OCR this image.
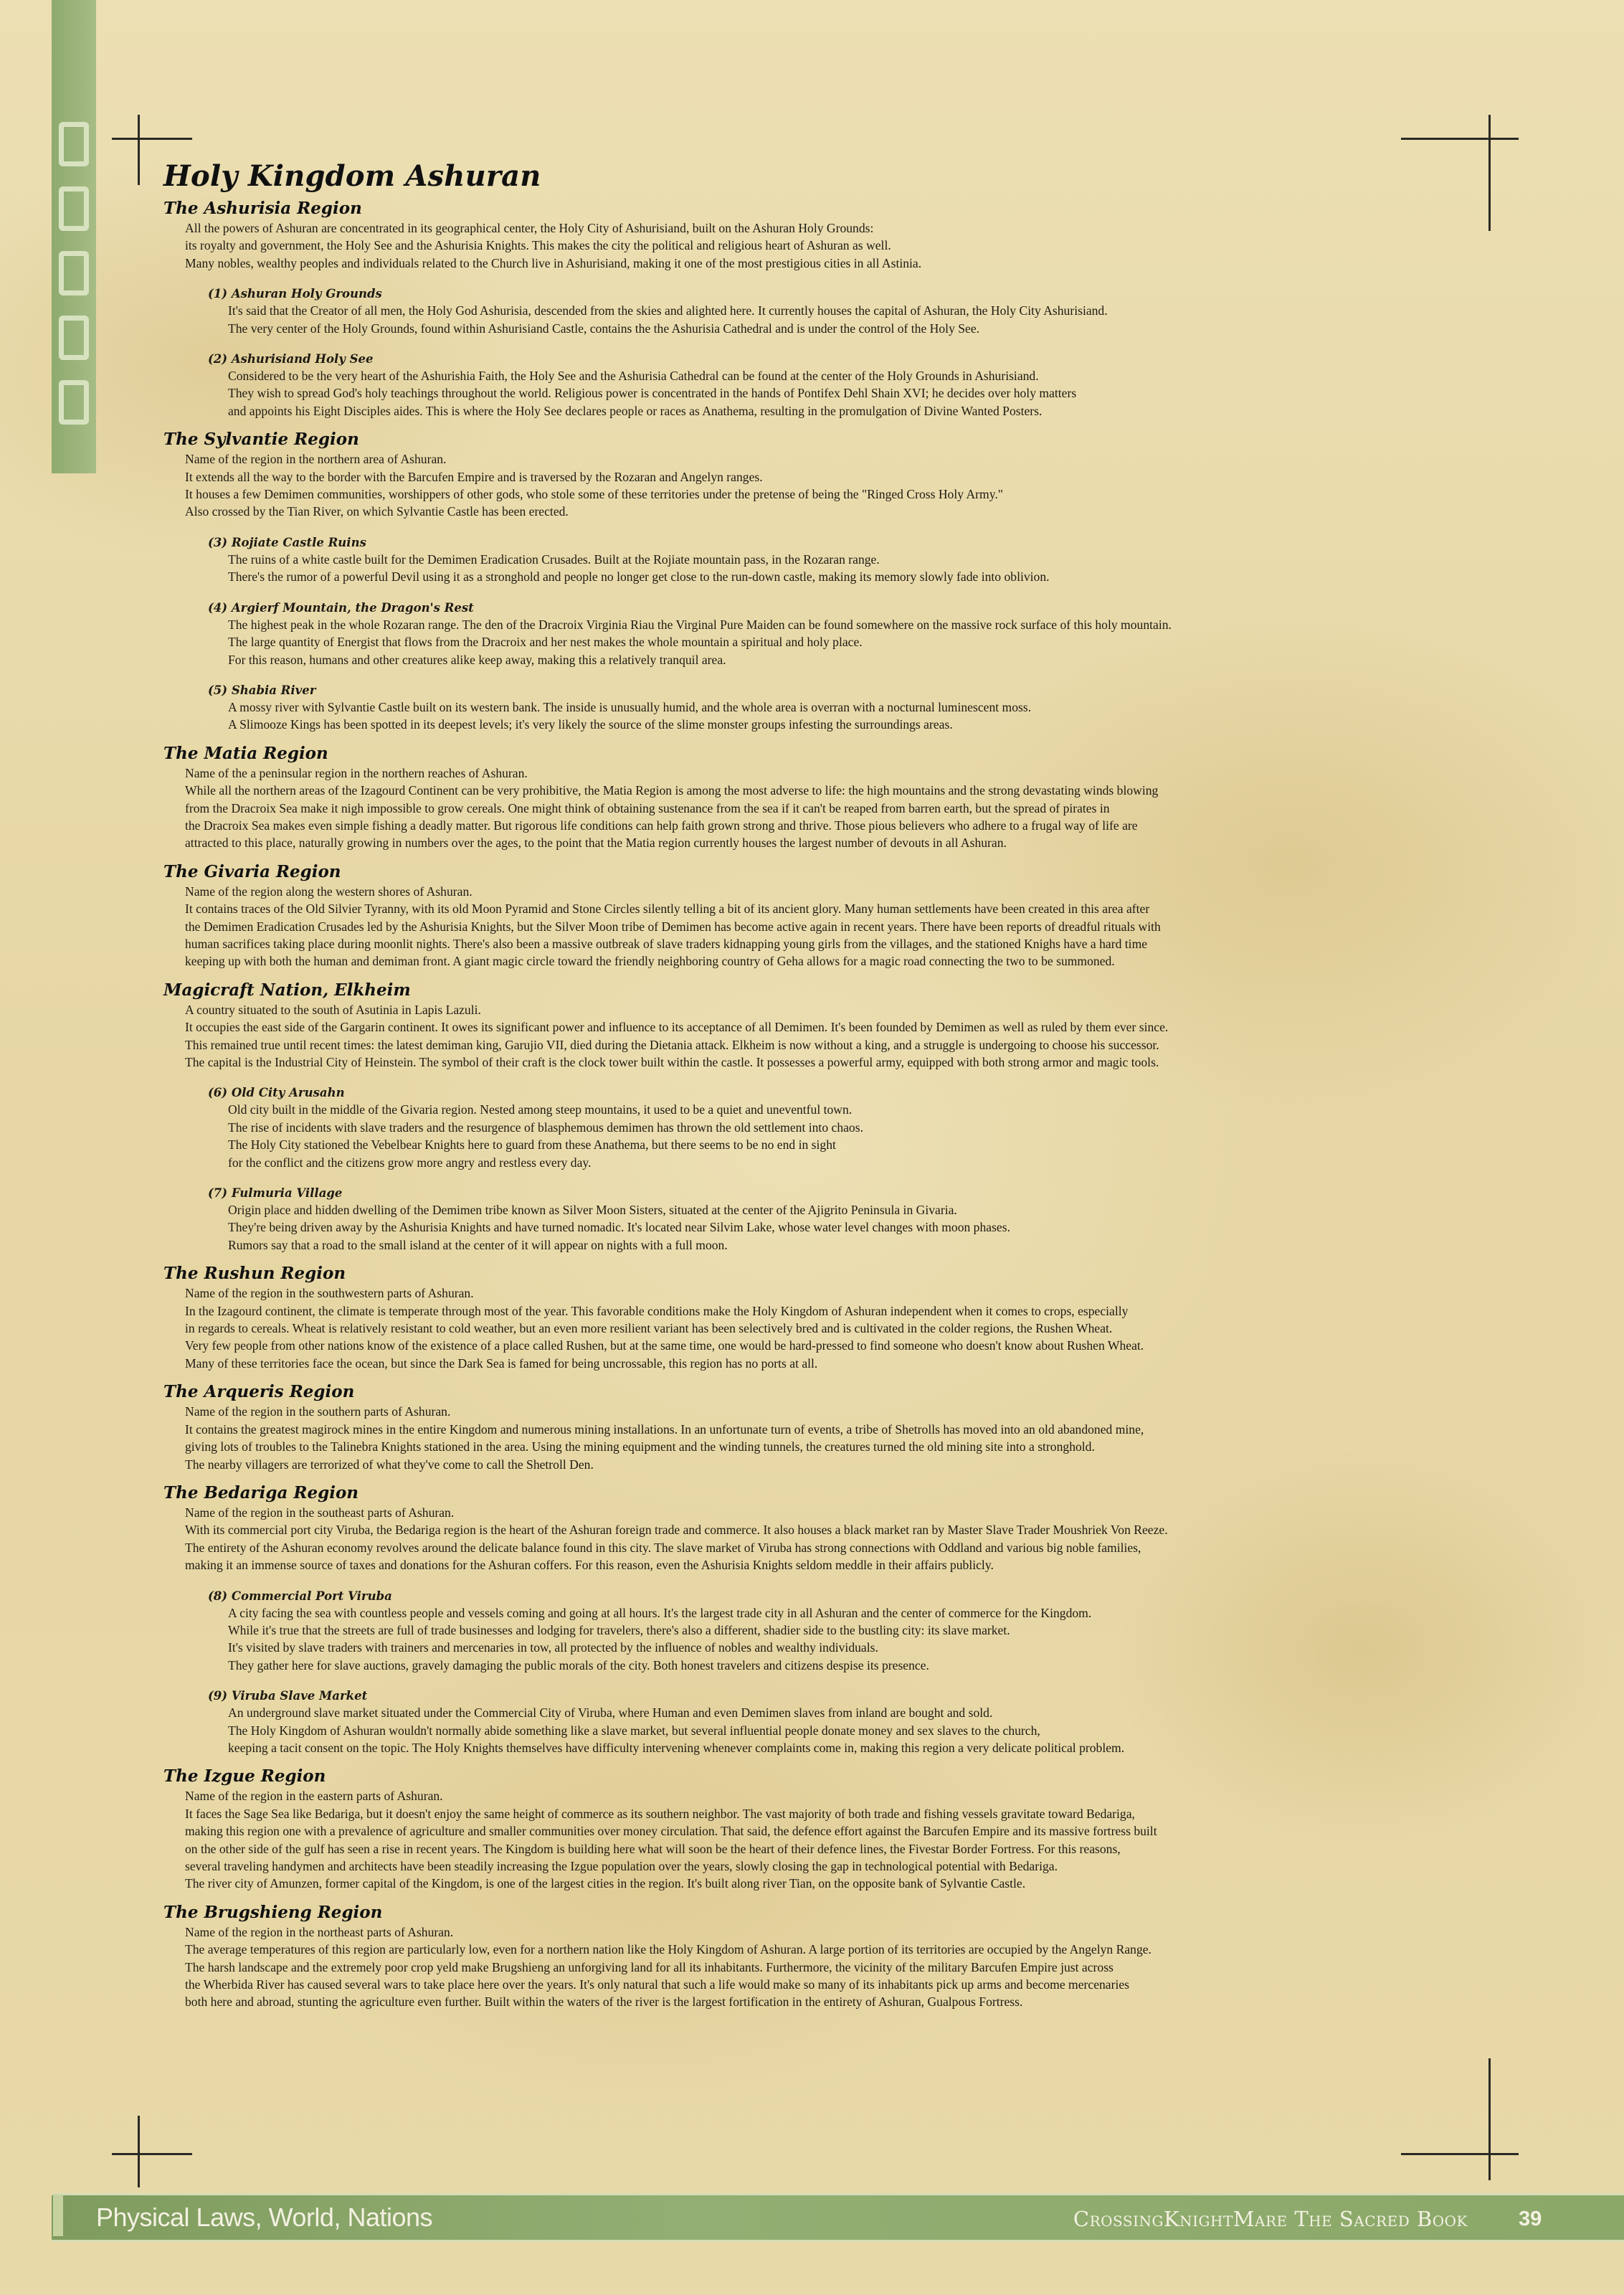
Holy Kingdom Ashuran
The Ashurisia Region
All the powers of Ashuran are concentrated in its geographical center, the Holy City of Ashurisiand, built on the Ashuran Holy Grounds:
its royalty and government, the Holy See and the Ashurisia Knights. This makes the city the political and religious heart of Ashuran as well.
Many nobles, wealthy peoples and individuals related to the Church live in Ashurisiand, making it one of the most prestigious cities in all Astinia.
(1) Ashuran Holy Grounds
It's said that the Creator of all men, the Holy God Ashurisia, descended from the skies and alighted here. It currently houses the capital of Ashuran, the Holy City Ashurisiand.
The very center of the Holy Grounds, found within Ashurisiand Castle, contains the the Ashurisia Cathedral and is under the control of the Holy See.
(2) Ashurisiand Holy See
Considered to be the very heart of the Ashurishia Faith, the Holy See and the Ashurisia Cathedral can be found at the center of the Holy Grounds in Ashurisiand.
They wish to spread God's holy teachings throughout the world. Religious power is concentrated in the hands of Pontifex Dehl Shain XVI; he decides over holy matters
and appoints his Eight Disciples aides. This is where the Holy See declares people or races as Anathema, resulting in the promulgation of Divine Wanted Posters.
The Sylvantie Region
Name of the region in the northern area of Ashuran.
It extends all the way to the border with the Barcufen Empire and is traversed by the Rozaran and Angelyn ranges.
It houses a few Demimen communities, worshippers of other gods, who stole some of these territories under the pretense of being the "Ringed Cross Holy Army."
Also crossed by the Tian River, on which Sylvantie Castle has been erected.
(3) Rojiate Castle Ruins
The ruins of a white castle built for the Demimen Eradication Crusades. Built at the Rojiate mountain pass, in the Rozaran range.
There's the rumor of a powerful Devil using it as a stronghold and people no longer get close to the run-down castle, making its memory slowly fade into oblivion.
(4) Argierf Mountain, the Dragon's Rest
The highest peak in the whole Rozaran range. The den of the Dracroix Virginia Riau the Virginal Pure Maiden can be found somewhere on the massive rock surface of this holy mountain.
The large quantity of Energist that flows from the Dracroix and her nest makes the whole mountain a spiritual and holy place.
For this reason, humans and other creatures alike keep away, making this a relatively tranquil area.
(5) Shabia River
A mossy river with Sylvantie Castle built on its western bank. The inside is unusually humid, and the whole area is overran with a nocturnal luminescent moss.
A Slimooze Kings has been spotted in its deepest levels; it's very likely the source of the slime monster groups infesting the surroundings areas.
The Matia Region
Name of the a peninsular region in the northern reaches of Ashuran.
While all the northern areas of the Izagourd Continent can be very prohibitive, the Matia Region is among the most adverse to life: the high mountains and the strong devastating winds blowing
from the Dracroix Sea make it nigh impossible to grow cereals. One might think of obtaining sustenance from the sea if it can't be reaped from barren earth, but the spread of pirates in
the Dracroix Sea makes even simple fishing a deadly matter. But rigorous life conditions can help faith grown strong and thrive. Those pious believers who adhere to a frugal way of life are
attracted to this place, naturally growing in numbers over the ages, to the point that the Matia region currently houses the largest number of devouts in all Ashuran.
The Givaria Region
Name of the region along the western shores of Ashuran.
It contains traces of the Old Silvier Tyranny, with its old Moon Pyramid and Stone Circles silently telling a bit of its ancient glory. Many human settlements have been created in this area after
the Demimen Eradication Crusades led by the Ashurisia Knights, but the Silver Moon tribe of Demimen has become active again in recent years. There have been reports of dreadful rituals with
human sacrifices taking place during moonlit nights. There's also been a massive outbreak of slave traders kidnapping young girls from the villages, and the stationed Knighs have a hard time
keeping up with both the human and demiman front. A giant magic circle toward the friendly neighboring country of Geha allows for a magic road connecting the two to be summoned.
Magicraft Nation, Elkheim
A country situated to the south of Asutinia in Lapis Lazuli.
It occupies the east side of the Gargarin continent. It owes its significant power and influence to its acceptance of all Demimen. It's been founded by Demimen as well as ruled by them ever since.
This remained true until recent times: the latest demiman king, Garujio VII, died during the Dietania attack. Elkheim is now without a king, and a struggle is undergoing to choose his successor.
The capital is the Industrial City of Heinstein. The symbol of their craft is the clock tower built within the castle. It possesses a powerful army, equipped with both strong armor and magic tools.
(6) Old City Arusahn
Old city built in the middle of the Givaria region. Nested among steep mountains, it used to be a quiet and uneventful town.
The rise of incidents with slave traders and the resurgence of blasphemous demimen has thrown the old settlement into chaos.
The Holy City stationed the Vebelbear Knights here to guard from these Anathema, but there seems to be no end in sight
for the conflict and the citizens grow more angry and restless every day.
(7) Fulmuria Village
Origin place and hidden dwelling of the Demimen tribe known as Silver Moon Sisters, situated at the center of the Ajigrito Peninsula in Givaria.
They're being driven away by the Ashurisia Knights and have turned nomadic. It's located near Silvim Lake, whose water level changes with moon phases.
Rumors say that a road to the small island at the center of it will appear on nights with a full moon.
The Rushun Region
Name of the region in the southwestern parts of Ashuran.
In the Izagourd continent, the climate is temperate through most of the year. This favorable conditions make the Holy Kingdom of Ashuran independent when it comes to crops, especially
in regards to cereals. Wheat is relatively resistant to cold weather, but an even more resilient variant has been selectively bred and is cultivated in the colder regions, the Rushen Wheat.
Very few people from other nations know of the existence of a place called Rushen, but at the same time, one would be hard-pressed to find someone who doesn't know about Rushen Wheat.
Many of these territories face the ocean, but since the Dark Sea is famed for being uncrossable, this region has no ports at all.
The Arqueris Region
Name of the region in the southern parts of Ashuran.
It contains the greatest magirock mines in the entire Kingdom and numerous mining installations. In an unfortunate turn of events, a tribe of Shetrolls has moved into an old abandoned mine,
giving lots of troubles to the Talinebra Knights stationed in the area. Using the mining equipment and the winding tunnels, the creatures turned the old mining site into a stronghold.
The nearby villagers are terrorized of what they've come to call the Shetroll Den.
The Bedariga Region
Name of the region in the southeast parts of Ashuran.
With its commercial port city Viruba, the Bedariga region is the heart of the Ashuran foreign trade and commerce. It also houses a black market ran by Master Slave Trader Moushriek Von Reeze.
The entirety of the Ashuran economy revolves around the delicate balance found in this city. The slave market of Viruba has strong connections with Oddland and various big noble families,
making it an immense source of taxes and donations for the Ashuran coffers. For this reason, even the Ashurisia Knights seldom meddle in their affairs publicly.
(8) Commercial Port Viruba
A city facing the sea with countless people and vessels coming and going at all hours. It's the largest trade city in all Ashuran and the center of commerce for the Kingdom.
While it's true that the streets are full of trade businesses and lodging for travelers, there's also a different, shadier side to the bustling city: its slave market.
It's visited by slave traders with trainers and mercenaries in tow, all protected by the influence of nobles and wealthy individuals.
They gather here for slave auctions, gravely damaging the public morals of the city. Both honest travelers and citizens despise its presence.
(9) Viruba Slave Market
An underground slave market situated under the Commercial City of Viruba, where Human and even Demimen slaves from inland are bought and sold.
The Holy Kingdom of Ashuran wouldn't normally abide something like a slave market, but several influential people donate money and sex slaves to the church,
keeping a tacit consent on the topic. The Holy Knights themselves have difficulty intervening whenever complaints come in, making this region a very delicate political problem.
The Izgue Region
Name of the region in the eastern parts of Ashuran.
It faces the Sage Sea like Bedariga, but it doesn't enjoy the same height of commerce as its southern neighbor. The vast majority of both trade and fishing vessels gravitate toward Bedariga,
making this region one with a prevalence of agriculture and smaller communities over money circulation. That said, the defence effort against the Barcufen Empire and its massive fortress built
on the other side of the gulf has seen a rise in recent years. The Kingdom is building here what will soon be the heart of their defence lines, the Fivestar Border Fortress. For this reasons,
several traveling handymen and architects have been steadily increasing the Izgue population over the years, slowly closing the gap in technological potential with Bedariga.
The river city of Amunzen, former capital of the Kingdom, is one of the largest cities in the region. It's built along river Tian, on the opposite bank of Sylvantie Castle.
The Brugshieng Region
Name of the region in the northeast parts of Ashuran.
The average temperatures of this region are particularly low, even for a northern nation like the Holy Kingdom of Ashuran. A large portion of its territories are occupied by the Angelyn Range.
The harsh landscape and the extremely poor crop yeld make Brugshieng an unforgiving land for all its inhabitants. Furthermore, the vicinity of the military Barcufen Empire just across
the Wherbida River has caused several wars to take place here over the years. It's only natural that such a life would make so many of its inhabitants pick up arms and become mercenaries
both here and abroad, stunting the agriculture even further. Built within the waters of the river is the largest fortification in the entirety of Ashuran, Gualpous Fortress.
Physical Laws, World, Nations	CrossingKnightMare The Sacred Book 39
